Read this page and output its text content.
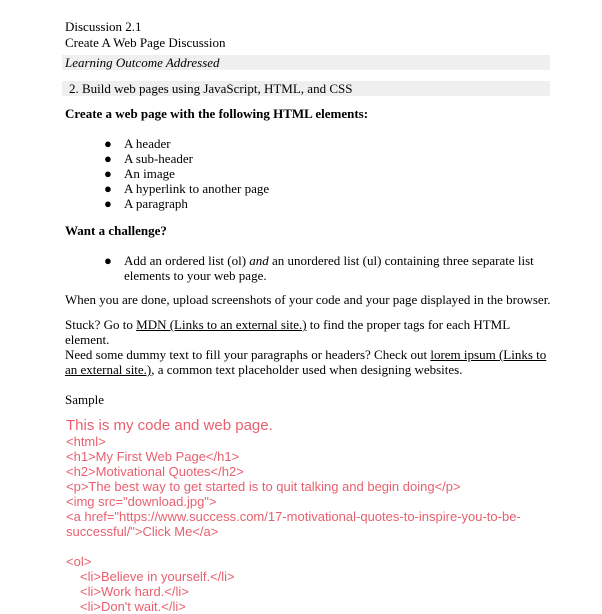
Discussion 2.1
Create A Web Page Discussion
Learning Outcome Addressed
2. Build web pages using JavaScript, HTML, and CSS
Create a web page with the following HTML elements:
● A header
● A sub-header
● An image
● A hyperlink to another page
● A paragraph
Want a challenge?
● Add an ordered list (ol) and an unordered list (ul) containing three separate list
elements to your web page.
When you are done, upload screenshots of your code and your page displayed in the browser.
Stuck? Go to MDN (Links to an external site.) to find the proper tags for each HTML
element.
Need some dummy text to fill your paragraphs or headers? Check out lorem ipsum (Links to
an external site.), a common text placeholder used when designing websites.
Sample
This is my code and web page.
<html>
<h1>My First Web Page</h1>
<h2>Motivational Quotes</h2>
<p>The best way to get started is to quit talking and begin doing</p>
<img src="download.jpg">
<a href="https://www.success.com/17-motivational-quotes-to-inspire-you-to-be-
successful/">Click Me</a>
<ol>
<li>Believe in yourself.</li>
<li>Work hard.</li>
<li>Don't wait.</li>
